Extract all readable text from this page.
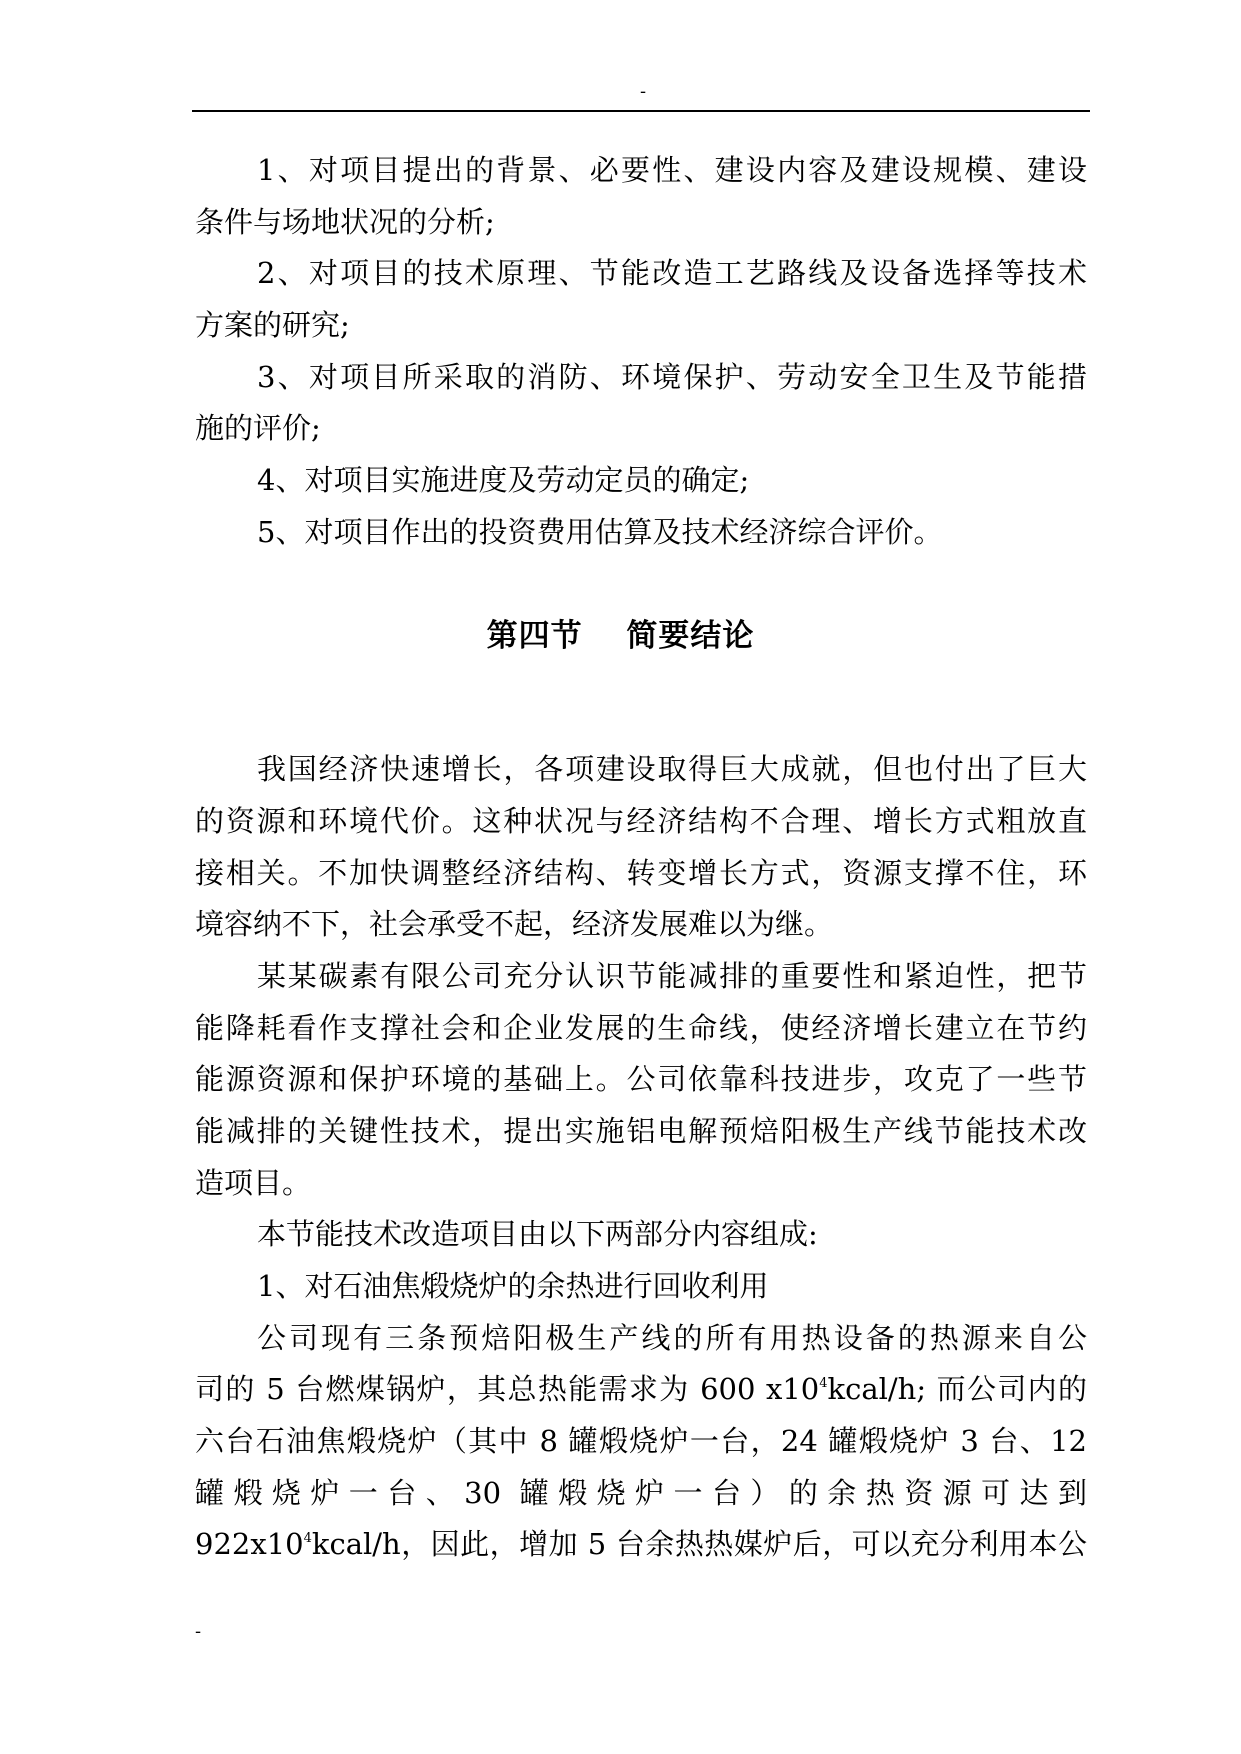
-
1、对项目提出的背景、必要性、建设内容及建设规模、建设
条件与场地状况的分析;
2、对项目的技术原理、节能改造工艺路线及设备选择等技术
方案的研究;
3、对项目所采取的消防、环境保护、劳动安全卫生及节能措
施的评价;
4、对项目实施进度及劳动定员的确定;
5、对项目作出的投资费用估算及技术经济综合评价。
第四节　 简要结论
我国经济快速增长，各项建设取得巨大成就，但也付出了巨大
的资源和环境代价。这种状况与经济结构不合理、增长方式粗放直
接相关。不加快调整经济结构、转变增长方式，资源支撑不住，环
境容纳不下，社会承受不起，经济发展难以为继。
某某碳素有限公司充分认识节能减排的重要性和紧迫性，把节
能降耗看作支撑社会和企业发展的生命线，使经济增长建立在节约
能源资源和保护环境的基础上。公司依靠科技进步，攻克了一些节
能减排的关键性技术，提出实施铝电解预焙阳极生产线节能技术改
造项目。
本节能技术改造项目由以下两部分内容组成:
1、对石油焦煅烧炉的余热进行回收利用
公司现有三条预焙阳极生产线的所有用热设备的热源来自公
司的 5 台燃煤锅炉，其总热能需求为 600 $x10^4kcal/h$; 而公司内的
六台石油焦煅烧炉（其中 8 罐煅烧炉一台，24 罐煅烧炉 3 台、12
罐煅烧炉一台、30 罐煅烧炉一台）的余热资源可达到
$922x10^4kcal/h$，因此，增加 5 台余热热媒炉后，可以充分利用本公
-
